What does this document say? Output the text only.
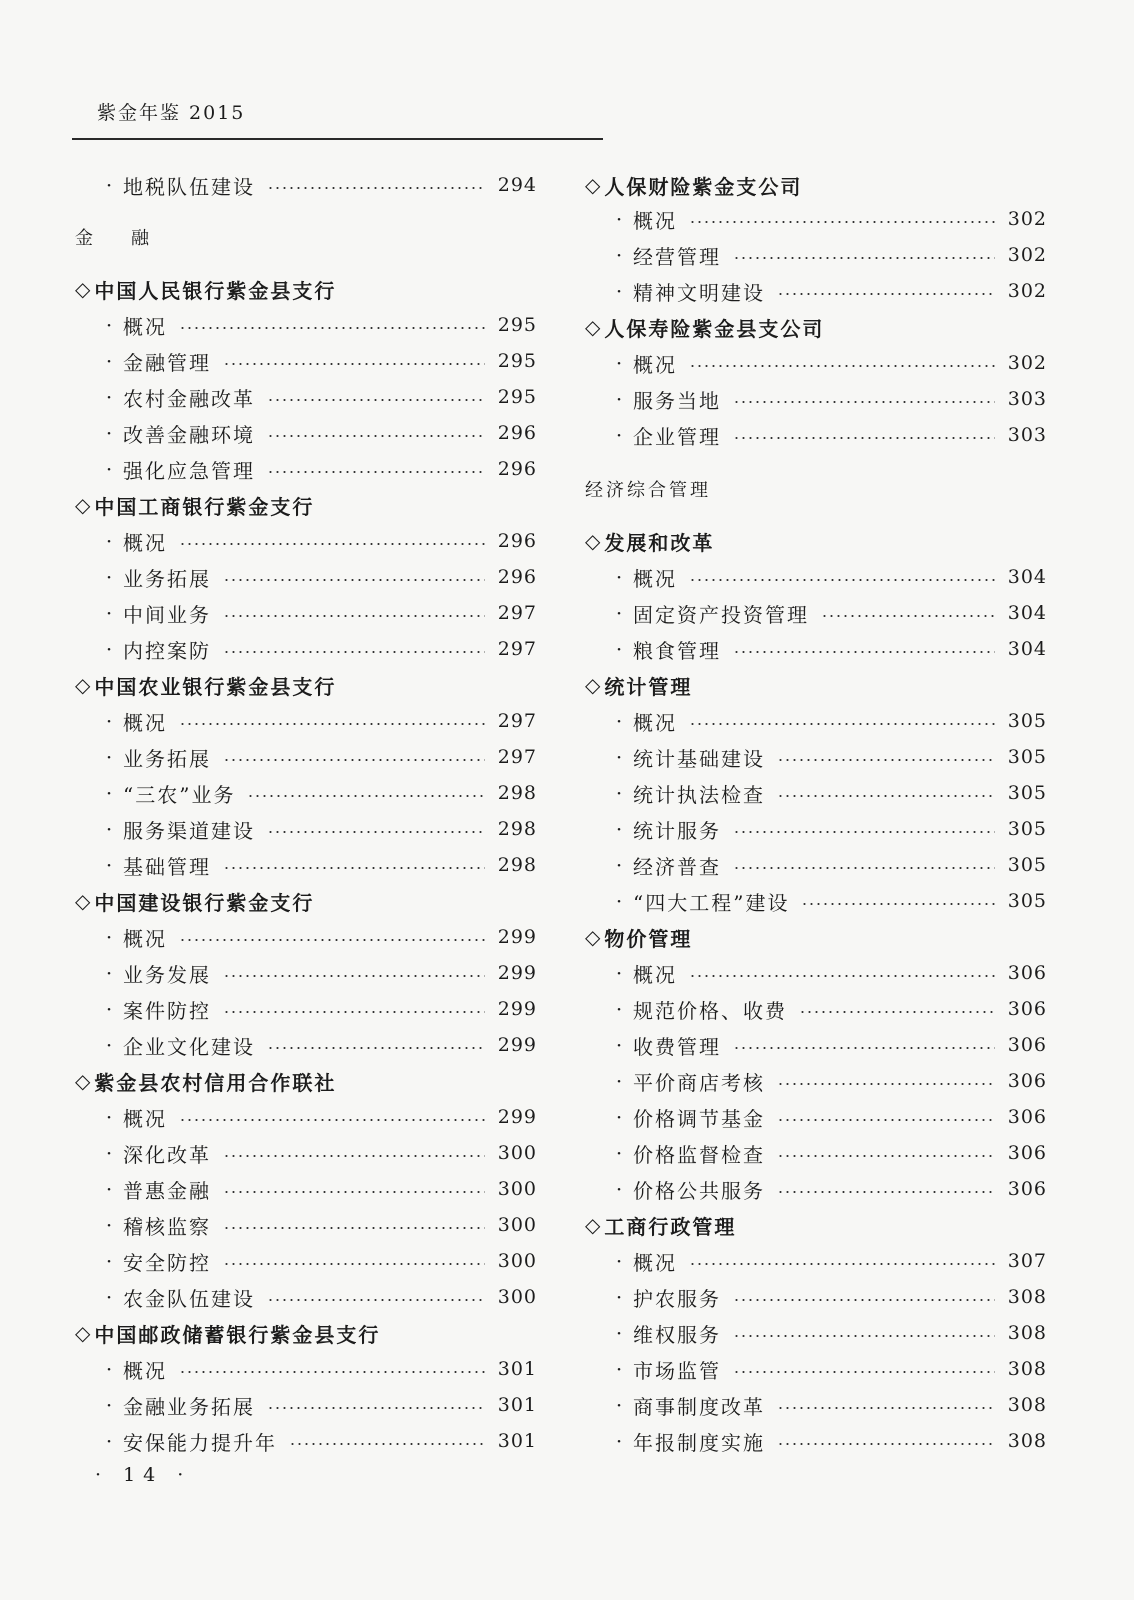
紫金年鉴 2015
· 地税队伍建设	294
金融
◇ 中国人民银行紫金县支行
· 概况	295
· 金融管理	295
· 农村金融改革	295
· 改善金融环境	296
· 强化应急管理	296
◇ 中国工商银行紫金支行
· 概况	296
· 业务拓展	296
· 中间业务	297
· 内控案防	297
◇ 中国农业银行紫金县支行
· 概况	297
· 业务拓展	297
· “三农”业务	298
· 服务渠道建设	298
· 基础管理	298
◇ 中国建设银行紫金支行
· 概况	299
· 业务发展	299
· 案件防控	299
· 企业文化建设	299
◇ 紫金县农村信用合作联社
· 概况	299
· 深化改革	300
· 普惠金融	300
· 稽核监察	300
· 安全防控	300
· 农金队伍建设	300
◇ 中国邮政储蓄银行紫金县支行
· 概况	301
· 金融业务拓展	301
· 安保能力提升年	301
◇ 人保财险紫金支公司
· 概况	302
· 经营管理	302
· 精神文明建设	302
◇ 人保寿险紫金县支公司
· 概况	302
· 服务当地	303
· 企业管理	303
经济综合管理
◇ 发展和改革
· 概况	304
· 固定资产投资管理	304
· 粮食管理	304
◇ 统计管理
· 概况	305
· 统计基础建设	305
· 统计执法检查	305
· 统计服务	305
· 经济普查	305
· “四大工程”建设	305
◇ 物价管理
· 概况	306
· 规范价格、收费	306
· 收费管理	306
· 平价商店考核	306
· 价格调节基金	306
· 价格监督检查	306
· 价格公共服务	306
◇ 工商行政管理
· 概况	307
· 护农服务	308
· 维权服务	308
· 市场监管	308
· 商事制度改革	308
· 年报制度实施	308
· 14 ·
